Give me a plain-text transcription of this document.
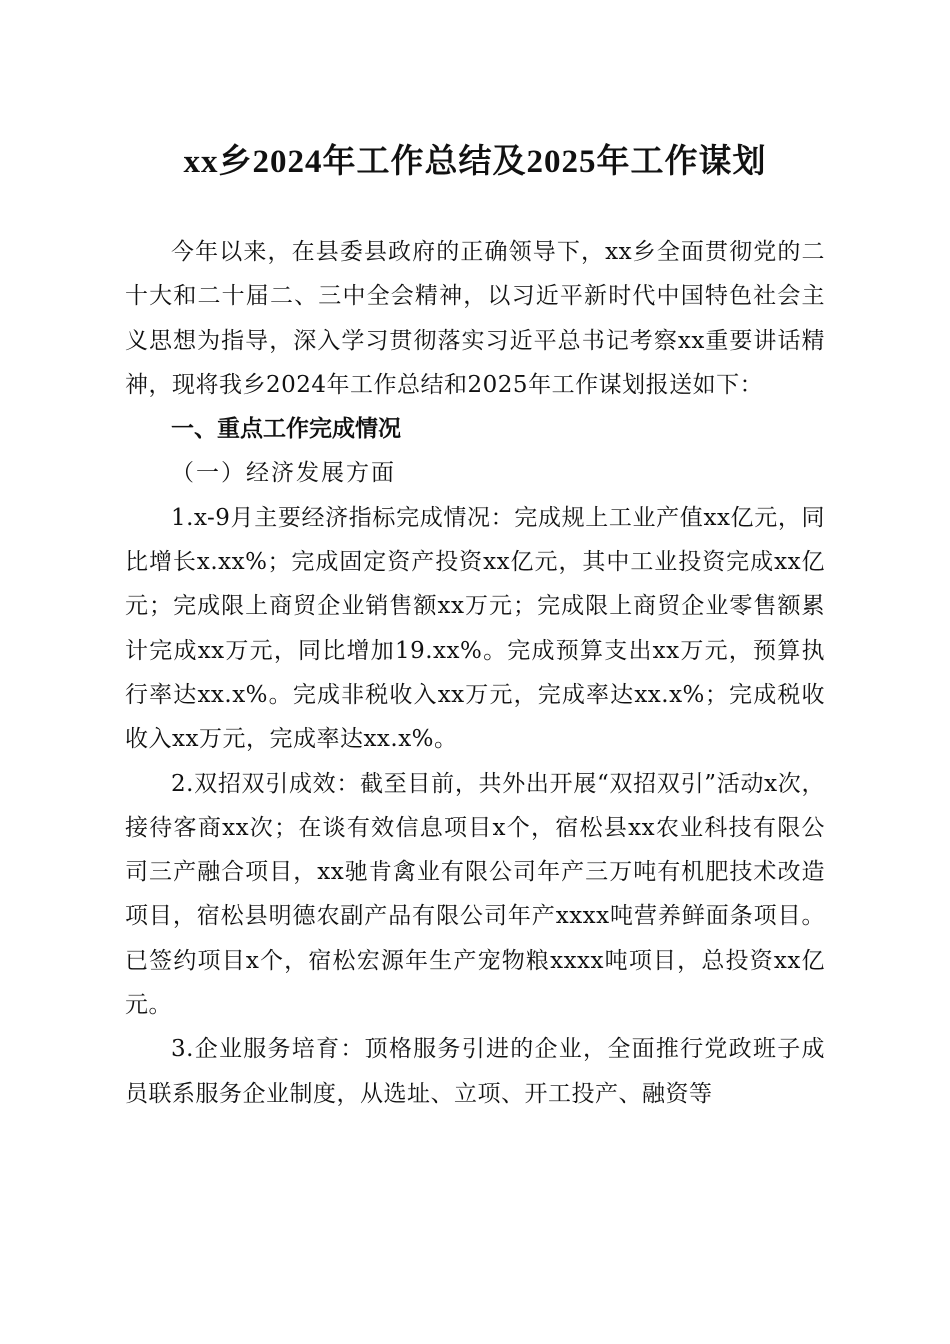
xx乡2024年工作总结及2025年工作谋划

今年以来，在县委县政府的正确领导下，xx乡全面贯彻党的二十大和二十届二、三中全会精神，以习近平新时代中国特色社会主义思想为指导，深入学习贯彻落实习近平总书记考察xx重要讲话精神，现将我乡2024年工作总结和2025年工作谋划报送如下：

一、重点工作完成情况

（一）经济发展方面

1.x-9月主要经济指标完成情况：完成规上工业产值xx亿元，同比增长x.xx%；完成固定资产投资xx亿元，其中工业投资完成xx亿元；完成限上商贸企业销售额xx万元；完成限上商贸企业零售额累计完成xx万元，同比增加19.xx%。完成预算支出xx万元，预算执行率达xx.x%。完成非税收入xx万元，完成率达xx.x%；完成税收收入xx万元，完成率达xx.x%。

2.双招双引成效：截至目前，共外出开展“双招双引”活动x次，接待客商xx次；在谈有效信息项目x个，宿松县xx农业科技有限公司三产融合项目，xx驰肯禽业有限公司年产三万吨有机肥技术改造项目，宿松县明德农副产品有限公司年产xxxx吨营养鲜面条项目。已签约项目x个，宿松宏源年生产宠物粮xxxx吨项目，总投资xx亿元。

3.企业服务培育：顶格服务引进的企业，全面推行党政班子成员联系服务企业制度，从选址、立项、开工投产、融资等
